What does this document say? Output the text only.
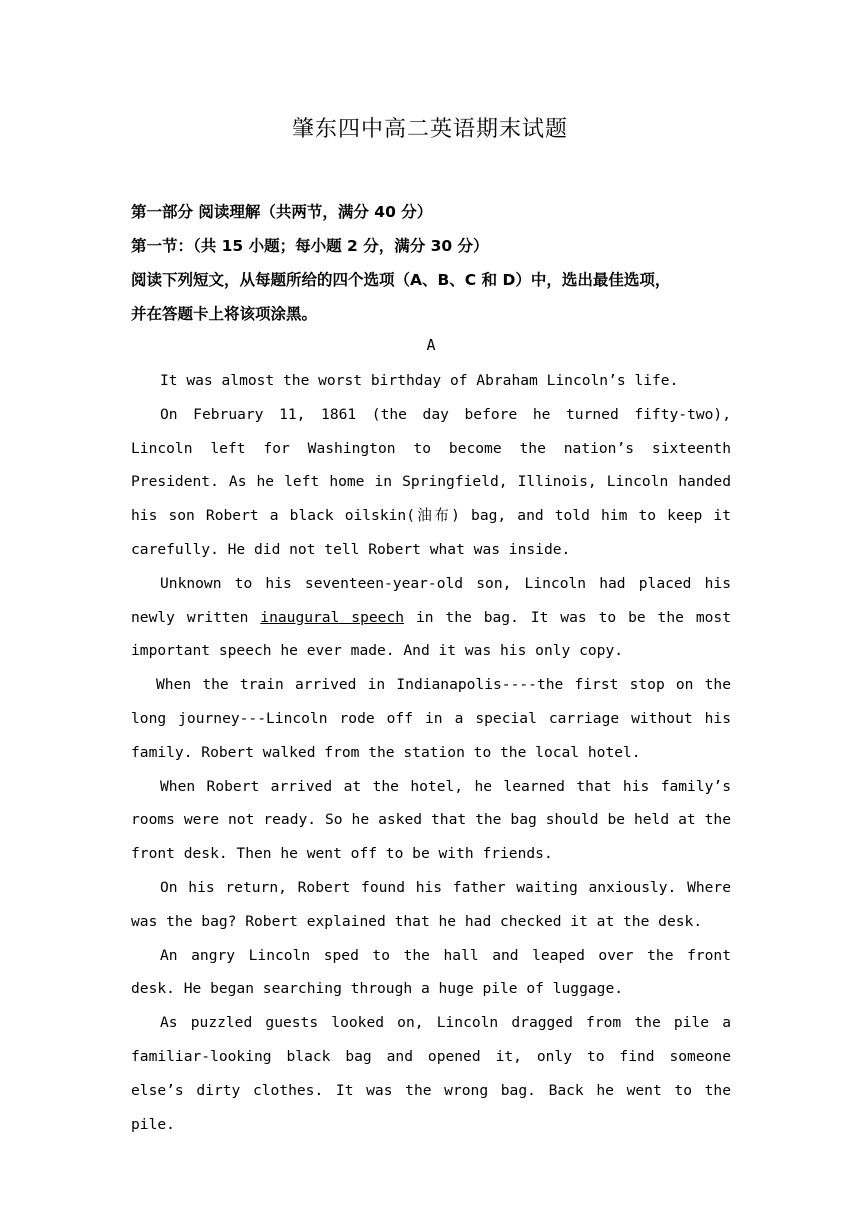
肇东四中高二英语期末试题
第一部分 阅读理解（共两节，满分 40 分）
第一节：（共 15 小题；每小题 2 分，满分 30 分）
阅读下列短文，从每题所给的四个选项（A、B、C 和 D）中，选出最佳选项，
并在答题卡上将该项涂黑。
A

It was almost the worst birthday of Abraham Lincoln’s life.

On February 11, 1861 (the day before he turned fifty-two), Lincoln left for Washington to become the nation’s sixteenth President. As he left home in Springfield, Illinois, Lincoln handed his son Robert a black oilskin(油布) bag, and told him to keep it carefully. He did not tell Robert what was inside.

Unknown to his seventeen-year-old son, Lincoln had placed his newly written inaugural speech in the bag. It was to be the most important speech he ever made. And it was his only copy.

When the train arrived in Indianapolis----the first stop on the long journey---Lincoln rode off in a special carriage without his family. Robert walked from the station to the local hotel.

When Robert arrived at the hotel, he learned that his family’s rooms were not ready. So he asked that the bag should be held at the front desk. Then he went off to be with friends.

On his return, Robert found his father waiting anxiously. Where was the bag? Robert explained that he had checked it at the desk.

An angry Lincoln sped to the hall and leaped over the front desk. He began searching through a huge pile of luggage.

As puzzled guests looked on, Lincoln dragged from the pile a familiar-looking black bag and opened it, only to find someone else’s dirty clothes. It was the wrong bag. Back he went to the pile.
